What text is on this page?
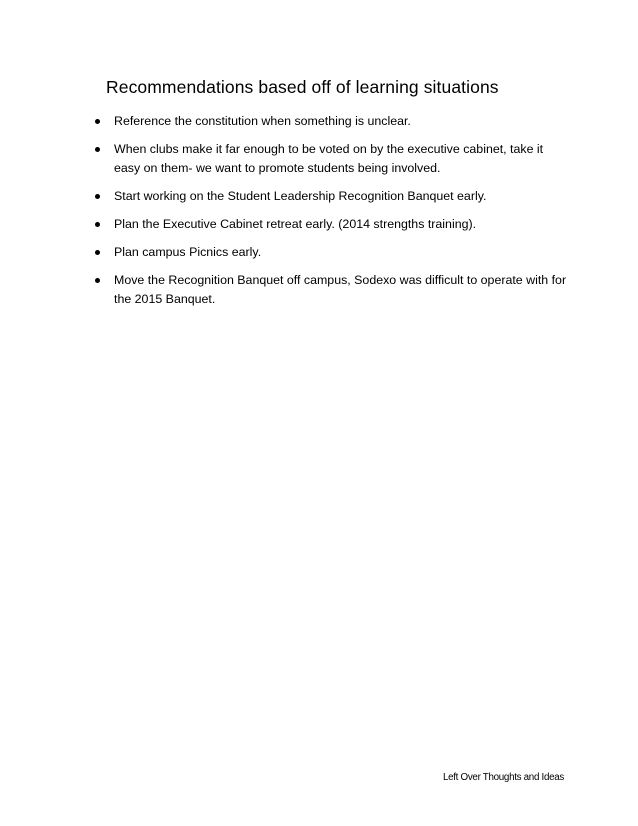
Recommendations based off of learning situations
Reference the constitution when something is unclear.
When clubs make it far enough to be voted on by the executive cabinet, take it easy on them- we want to promote students being involved.
Start working on the Student Leadership Recognition Banquet early.
Plan the Executive Cabinet retreat early. (2014 strengths training).
Plan campus Picnics early.
Move the Recognition Banquet off campus, Sodexo was difficult to operate with for the 2015 Banquet.
Left Over Thoughts and Ideas
